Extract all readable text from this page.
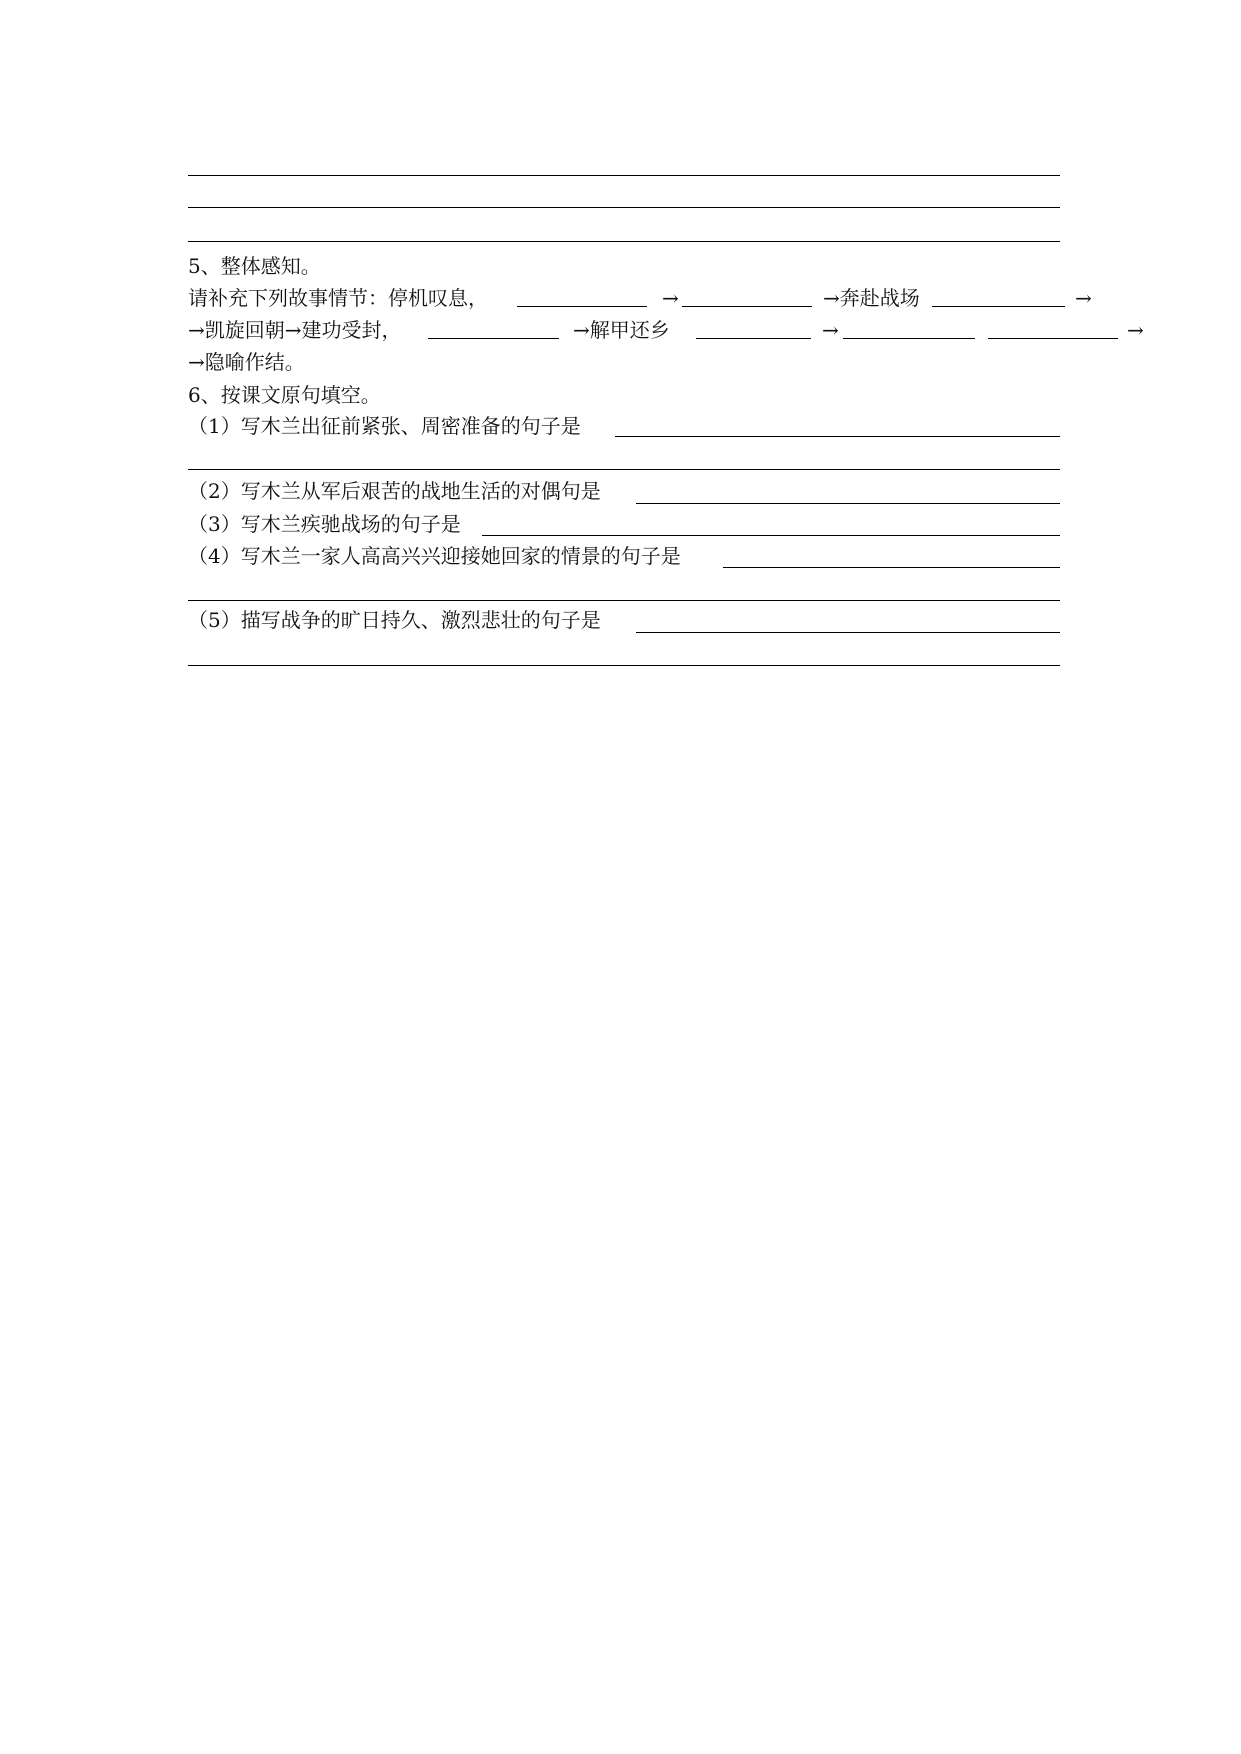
5、整体感知。
请补充下列故事情节：停机叹息，	→	→奔赴战场	→
→凯旋回朝→建功受封，	→解甲还乡	→	→
→隐喻作结。
6、按课文原句填空。
（1）写木兰出征前紧张、周密准备的句子是
（2）写木兰从军后艰苦的战地生活的对偶句是
（3）写木兰疾驰战场的句子是
（4）写木兰一家人高高兴兴迎接她回家的情景的句子是
（5）描写战争的旷日持久、激烈悲壮的句子是
